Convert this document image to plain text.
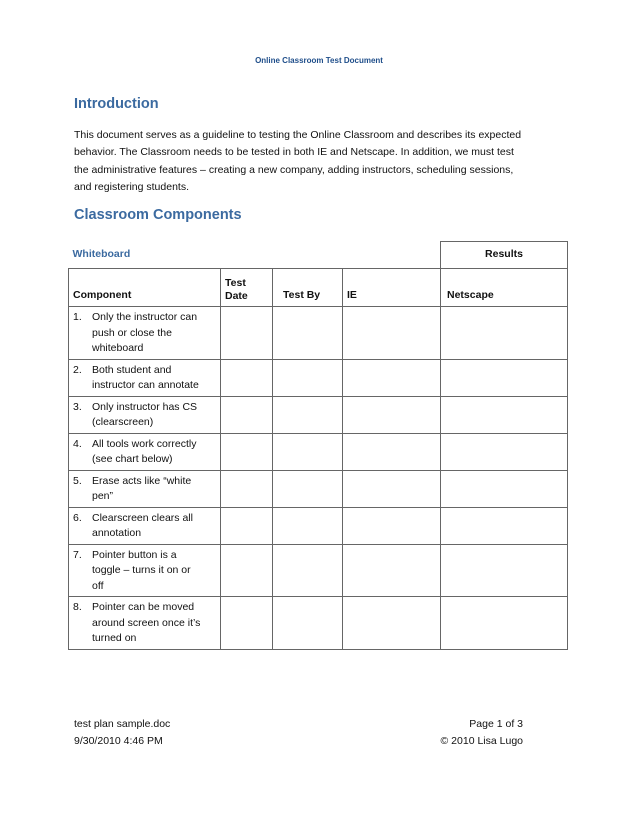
Online Classroom Test Document
Introduction
This document serves as a guideline to testing the Online Classroom and describes its expected
behavior. The Classroom needs to be tested in both IE and Netscape. In addition, we must test
the administrative features – creating a new company, adding instructors, scheduling sessions,
and registering students.
Classroom Components
Whiteboard				Results
Component	Test Date	Test By	IE	Netscape

1. Only the instructor can
push or close the
whiteboard				

2. Both student and
instructor can annotate				

3. Only instructor has CS
(clearscreen)				

4. All tools work correctly
(see chart below)				

5. Erase acts like “white
pen”				

6. Clearscreen clears all
annotation				

7. Pointer button is a
toggle – turns it on or
off				

8. Pointer can be moved
around screen once it’s
turned on				

test plan sample.doc	Page 1 of 3
9/30/2010 4:46 PM	© 2010 Lisa Lugo
